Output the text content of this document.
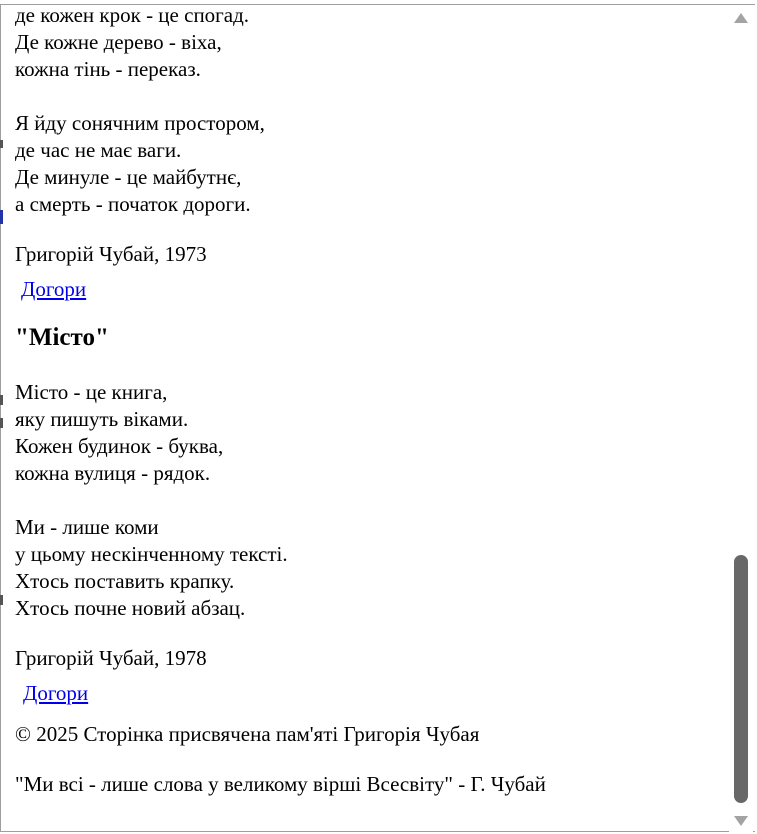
де кожен крок - це спогад.
Де кожне дерево - віха,
кожна тінь - переказ.
Я йду сонячним простором,
де час не має ваги.
Де минуле - це майбутнє,
а смерть - початок дороги.
Григорій Чубай, 1973
Догори
"Місто"
Місто - це книга,
яку пишуть віками.
Кожен будинок - буква,
кожна вулиця - рядок.
Ми - лише коми
у цьому нескінченному тексті.
Хтось поставить крапку.
Хтось почне новий абзац.
Григорій Чубай, 1978
Догори
© 2025 Сторінка присвячена пам'яті Григорія Чубая
"Ми всі - лише слова у великому вірші Всесвіту" - Г. Чубай
